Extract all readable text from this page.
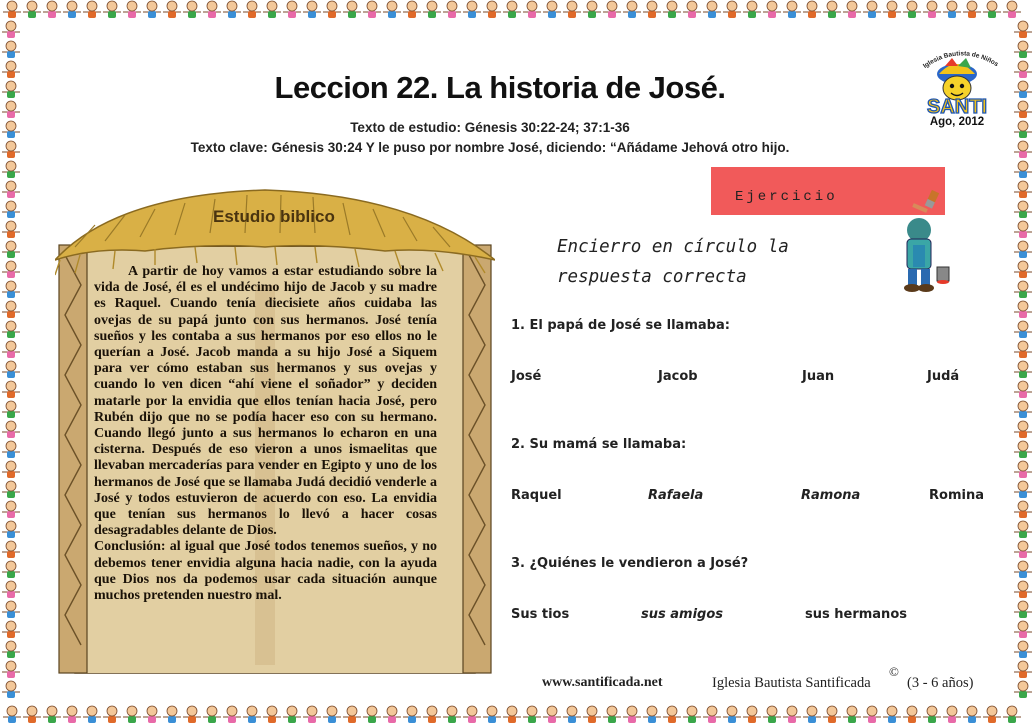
Leccion 22. La historia de José.
Texto de estudio: Génesis 30:22-24; 37:1-36
Texto clave: Génesis 30:24 Y le puso por nombre José, diciendo: “Añádame Jehová otro hijo.
Iglesia Bautista de Niños
SANTI
Ago, 2012
Estudio biblico

A partir de hoy vamos a estar estudiando sobre la vida de José, él es el undécimo hijo de Jacob y su madre es Raquel. Cuando tenía diecisiete años cuidaba las ovejas de su papá junto con sus hermanos. José tenía sueños y les contaba a sus hermanos por eso ellos no le querían a José. Jacob manda a su hijo José a Siquem para ver cómo estaban sus hermanos y sus ovejas y cuando lo ven dicen “ahí viene el soñador” y deciden matarle por la envidia que ellos tenían hacia José, pero Rubén dijo que no se podía hacer eso con su hermano. Cuando llegó junto a sus hermanos lo echaron en una cisterna. Después de eso vieron a unos ismaelitas que llevaban mercaderías para vender en Egipto y uno de los hermanos de José que se llamaba Judá decidió venderle a José y todos estuvieron de acuerdo con eso. La envidia que tenían sus hermanos lo llevó a hacer cosas desagradables delante de Dios.

Conclusión: al igual que José todos tenemos sueños, y no debemos tener envidia alguna hacia nadie, con la ayuda que Dios nos da podemos usar cada situación aunque muchos pretenden nuestro mal.

Ejercicio
Encierro en círculo la respuesta correcta
1. El papá de José se llamaba:
José	Jacob	Juan	Judá
2. Su mamá se llamaba:
Raquel	Rafaela	Ramona	Romina
3. ¿Quiénes le vendieron a José?
Sus tios	sus amigos	sus hermanos
www.santificada.net	Iglesia Bautista Santificada
©
(3 - 6 años)
